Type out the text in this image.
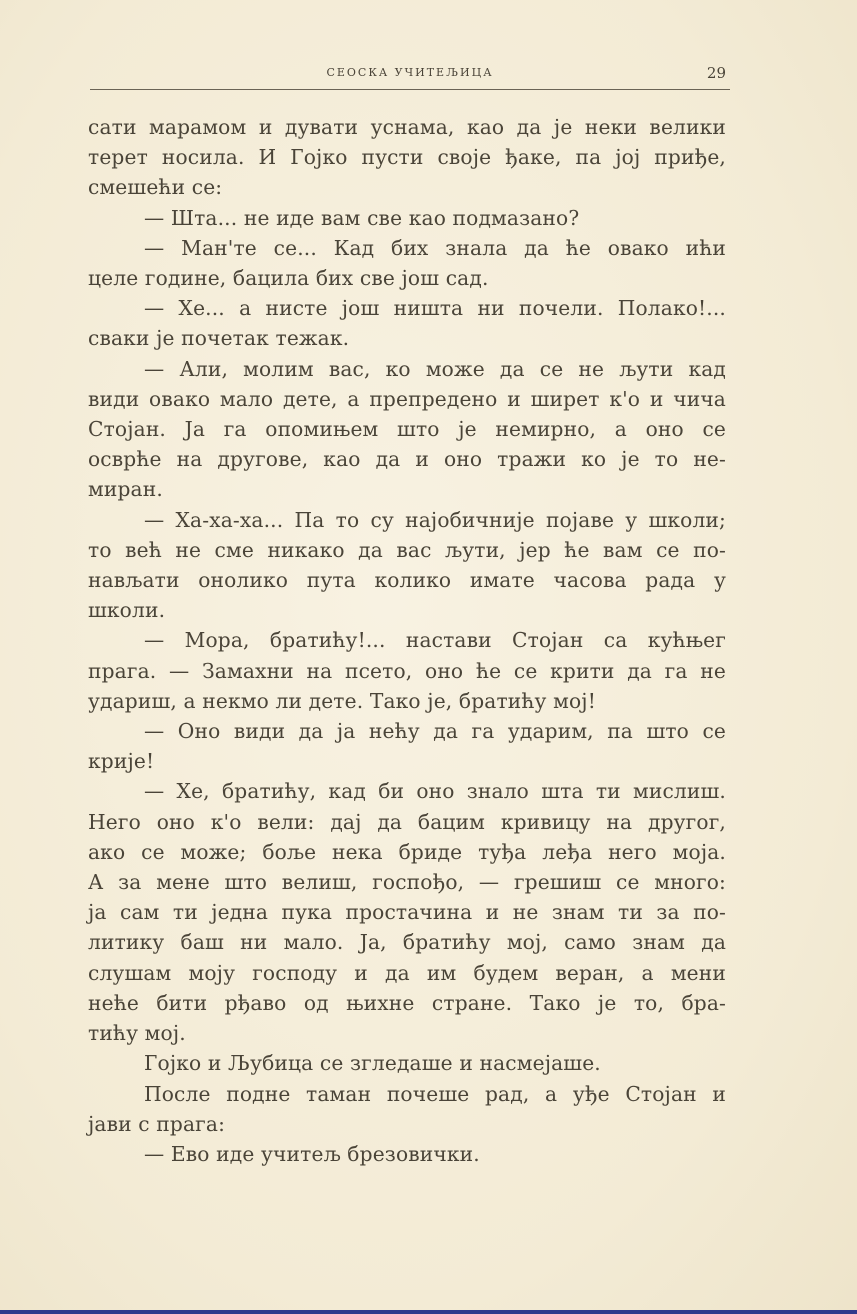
СЕОСКА УЧИТЕЉИЦА	29

сати марамом и дувати уснама, као да је неки велики
терет носила. И Гојко пусти своје ђаке, па јој приђе,
смешећи се:

— Шта... не иде вам све као подмазано?

— Ман'те се... Кад бих знала да ће овако ићи
целе године, бацила бих све још сад.

— Хе... а нисте још ништа ни почели. Полако!...
сваки је почетак тежак.

— Али, молим вас, ко може да се не љути кад
види овако мало дете, а препредено и ширет к'о и чича
Стојан. Ја га опомињем што је немирно, а оно се
осврће на другове, као да и оно тражи ко је то не-
миран.

— Ха-ха-ха... Па то су најобичније појаве у школи;
то већ не сме никако да вас љути, јер ће вам се по-
нављати онолико пута колико имате часова рада у
школи.

— Мора, братићу!... настави Стојан са кућњег
прага. — Замахни на псето, оно ће се крити да га не
удариш, а некмо ли дете. Тако је, братићу мој!

— Оно види да ја нећу да га ударим, па што се
крије!

— Хе, братићу, кад би оно знало шта ти мислиш.
Него оно к'о вели: дај да бацим кривицу на другог,
ако се може; боље нека бриде туђа леђа него моја.
А за мене што велиш, госпођо, — грешиш се много:
ја сам ти једна пука простачина и не знам ти за по-
литику баш ни мало. Ја, братићу мој, само знам да
слушам моју господу и да им будем веран, а мени
неће бити рђаво од њихне стране. Тако је то, бра-
тићу мој.

Гојко и Љубица се згледаше и насмејаше.

После подне таман почеше рад, а уђе Стојан и
јави с прага:

— Ево иде учитељ брезовички.
